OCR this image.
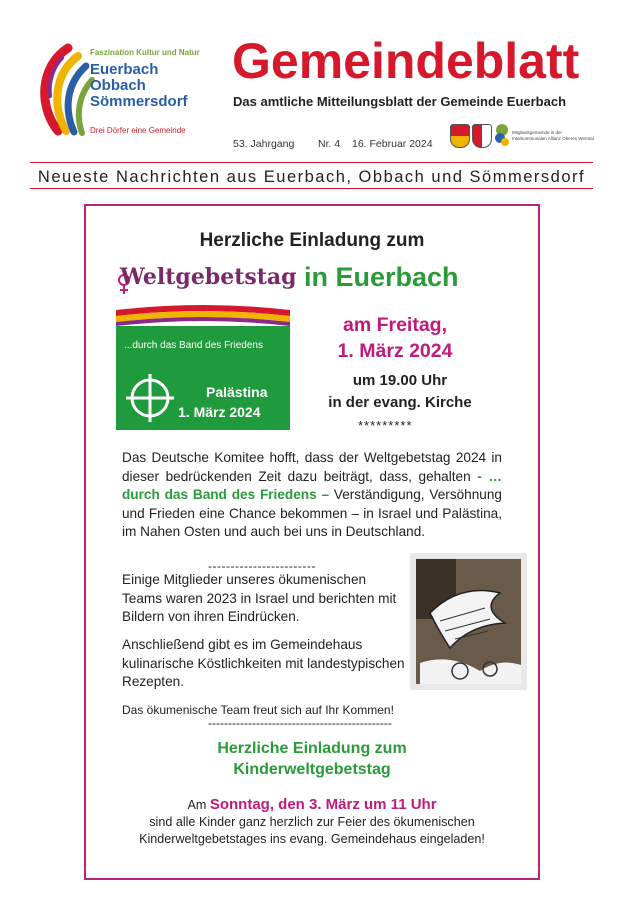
Faszination Kultur und Natur
Euerbach
Obbach
Sömmersdorf
Drei Dörfer eine Gemeinde
Gemeindeblatt
Das amtliche Mitteilungsblatt der Gemeinde Euerbach
53. Jahrgang Nr. 4 16. Februar 2024
Mitgliedsgemeinde in der
Interkommunalen Allianz Oberes Werntal
Neueste Nachrichten aus Euerbach, Obbach und Sömmersdorf
Herzliche Einladung zum
Weltgebetstag
...durch das Band des Friedens
Palästina
1. März 2024
in Euerbach
am Freitag,
1. März 2024
um 19.00 Uhr
in der evang. Kirche
*********
Das Deutsche Komitee hofft, dass der Weltgebetstag 2024 in dieser bedrückenden Zeit dazu beiträgt, dass, gehalten - … durch das Band des Friedens – Verständigung, Versöhnung und Frieden eine Chance bekommen – in Israel und Palästina, im Nahen Osten und auch bei uns in Deutschland.
------------------------
Einige Mitglieder unseres ökumenischen Teams waren 2023 in Israel und berichten mit Bildern von ihren Eindrücken.
Anschließend gibt es im Gemeindehaus kulinarische Köstlichkeiten mit landestypischen Rezepten.
Das ökumenische Team freut sich auf Ihr Kommen!
----------------------------------------------
Herzliche Einladung zum
Kinderweltgebetstag
Am Sonntag, den 3. März um 11 Uhr
sind alle Kinder ganz herzlich zur Feier des ökumenischen Kinderweltgebetstages ins evang. Gemeindehaus eingeladen!
